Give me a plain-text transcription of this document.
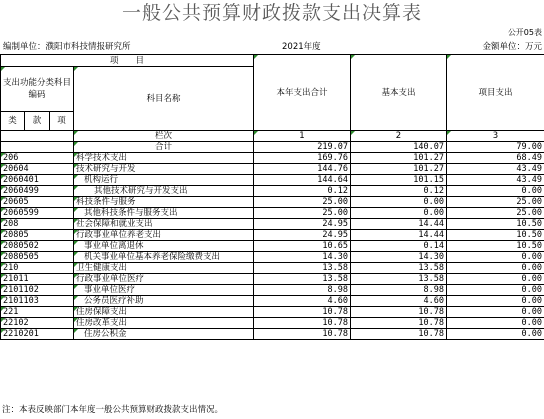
一般公共预算财政拨款支出决算表
公开05表
编制单位：濮阳市科技情报研究所	2021年度	金额单位：万元
项　　目				本年支出合计	基本支出	项目支出
支出功能分类科目编码			科目名称			
类	款	项				
			栏次	1	2	3
			合计	219.07	140.07	79.00
206			科学技术支出	169.76	101.27	68.49
20604			技术研究与开发	144.76	101.27	43.49
2060401			机构运行	144.64	101.15	43.49
2060499			其他技术研究与开发支出	0.12	0.12	0.00
20605			科技条件与服务	25.00	0.00	25.00
2060599			其他科技条件与服务支出	25.00	0.00	25.00
208			社会保障和就业支出	24.95	14.44	10.50
20805			行政事业单位养老支出	24.95	14.44	10.50
2080502			事业单位离退休	10.65	0.14	10.50
2080505			机关事业单位基本养老保险缴费支出	14.30	14.30	0.00
210			卫生健康支出	13.58	13.58	0.00
21011			行政事业单位医疗	13.58	13.58	0.00
2101102			事业单位医疗	8.98	8.98	0.00
2101103			公务员医疗补助	4.60	4.60	0.00
221			住房保障支出	10.78	10.78	0.00
22102			住房改革支出	10.78	10.78	0.00
2210201			住房公积金	10.78	10.78	0.00
注：本表反映部门本年度一般公共预算财政拨款支出情况。
